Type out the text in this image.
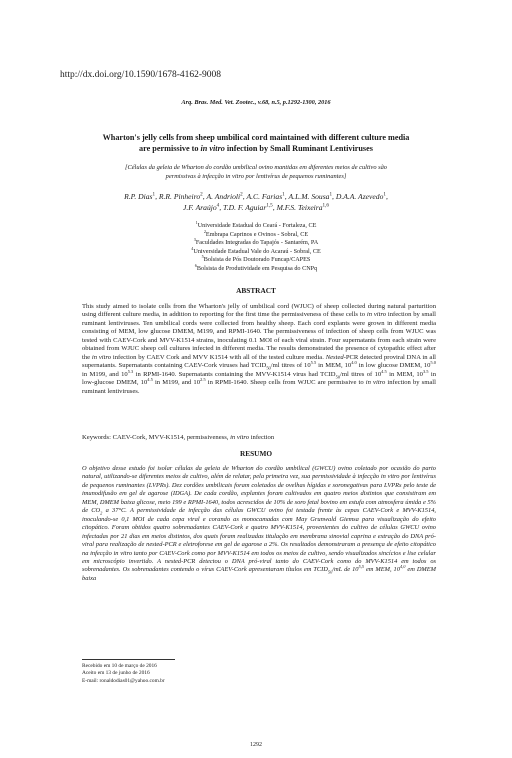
http://dx.doi.org/10.1590/1678-4162-9008
Arq. Bras. Med. Vet. Zootec., v.68, n.5, p.1292-1300, 2016
Wharton's jelly cells from sheep umbilical cord maintained with different culture media
are permissive to in vitro infection by Small Ruminant Lentiviruses
[Células da geleia de Wharton do cordão umbilical ovino mantidas em diferentes meios de cultivo são
permissivas à infecção in vitro por lentivírus de pequenos ruminantes]
R.P. Dias$^1$, R.R. Pinheiro$^2$, A. Andrioli$^2$, A.C. Farias$^1$, A.L.M. Sousa$^1$, D.A.A. Azevedo$^1$,
J.F. Araújo$^4$, T.D. F. Aguiar$^{1,5}$, M.F.S. Teixeira$^{1,6}$
$^1$Universidade Estadual do Ceará - Fortaleza, CE
$^2$Embrapa Caprinos e Ovinos - Sobral, CE
$^3$Faculdades Integradas do Tapajós - Santarém, PA
$^4$Universidade Estadual Vale do Acaraú - Sobral, CE
$^5$Bolsista de Pós Doutorado Funcap/CAPES
$^6$Bolsista de Produtividade em Pesquisa do CNPq
ABSTRACT

This study aimed to isolate cells from the Wharton's jelly of umbilical cord (WJUC) of sheep collected during natural parturition using different culture media, in addition to reporting for the first time the permissiveness of these cells to in vitro infection by small ruminant lentiviruses. Ten umbilical cords were collected from healthy sheep. Each cord explants were grown in different media consisting of MEM, low glucose DMEM, M199, and RPMI-1640. The permissiveness of infection of sheep cells from WJUC was tested with CAEV-Cork and MVV-K1514 strains, inoculating 0.1 MOI of each viral strain. Four supernatants from each strain were obtained from WJUC sheep cell cultures infected in different media. The results demonstrated the presence of cytopathic effect after the in vitro infection by CAEV Cork and MVV K1514 with all of the tested culture media. Nested-PCR detected proviral DNA in all supernatants. Supernatants containing CAEV-Cork viruses had $TCID_{50}/ml$ titres of $10^{5.5}$ in MEM, $10^{4.0}$ in low glucose DMEM, $10^{5.0}$ in M199, and $10^{5.3}$ in RPMI-1640. Supernatants containing the MVV-K1514 virus had $TCID_{50}/ml$ titres of $10^{4.5}$ in MEM, $10^{3.5}$ in low-glucose DMEM, $10^{4.5}$ in M199, and $10^{2.5}$ in RPMI-1640. Sheep cells from WJUC are permissive to in vitro infection by small ruminant lentiviruses.

Keywords: CAEV-Cork, MVV-K1514, permissiveness, in vitro infection
RESUMO

O objetivo desse estudo foi isolar células da geleia de Wharton do cordão umbilical (GWCU) ovino coletado por ocasião do parto natural, utilizando-se diferentes meios de cultivo, além de relatar, pela primeira vez, sua permissividade à infecção in vitro por lentivírus de pequenos ruminantes (LVPRs). Dez cordões umbilicais foram coletados de ovelhas hígidas e soronegativas para LVPRs pelo teste de imunodifusão em gel de agarose (IDGA). De cada cordão, explantes foram cultivados em quatro meios distintos que consistiram em MEM, DMEM baixa glicose, meio 199 e RPMI-1640, todos acrescidos de 10% de soro fetal bovino em estufa com atmosfera úmida e 5% de $CO_2$ a 37°C. A permissividade de infecção das células GWCU ovino foi testada frente às cepas CAEV-Cork e MVV-K1514, inoculando-se 0,1 MOI de cada cepa viral e corando as monocamadas com May Grunwald Giemsa para visualização do efeito citopático. Foram obtidos quatro sobrenadantes CAEV-Cork e quatro MVV-K1514, provenientes do cultivo de células GWCU ovino infectadas por 21 dias em meios distintos, dos quais foram realizadas titulação em membrana sinovial caprina e extração do DNA pró-viral para realização de nested-PCR e eletroforese em gel de agarose a 2%. Os resultados demonstraram a presença de efeito citopático na infecção in vitro tanto por CAEV-Cork como por MVV-K1514 em todos os meios de cultivo, sendo visualizados sincícios e lise celular em microscópio invertido. A nested-PCR detectou o DNA pró-viral tanto do CAEV-Cork como do MVV-K1514 em todos os sobrenadantes. Os sobrenadantes contendo o vírus CAEV-Cork apresentaram títulos em $TCID_{50}/mL$ de 10$^{5,5}$ em MEM, 10$^{4,0}$ em DMEM baixa

Recebido em 10 de março de 2016
Aceito em 13 de junho de 2016
E-mail: ronaldodias01@yahoo.com.br
1292
